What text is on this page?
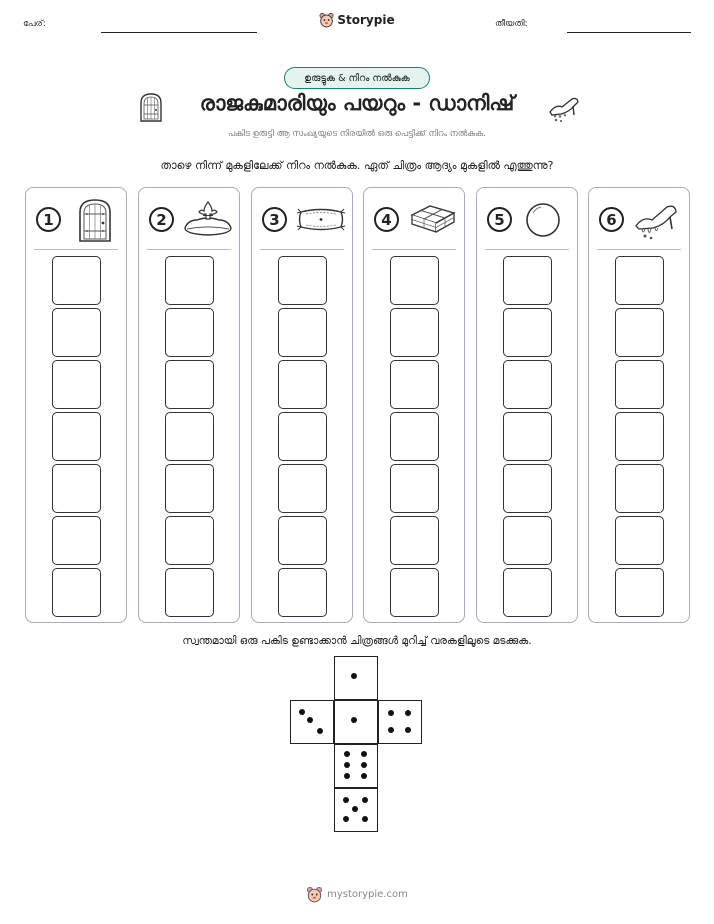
പേര്:	Storypie	തീയതി:
ഉരുട്ടുക & നിറം നൽകുക
രാജകുമാരിയും പയറും - ഡാനിഷ്
പകിട ഉരുട്ടി ആ സംഖ്യയുടെ നിരയിൽ ഒരു പെട്ടിക്ക് നിറം നൽകുക.
താഴെ നിന്ന് മുകളിലേക്ക് നിറം നൽകുക. ഏത് ചിത്രം ആദ്യം മുകളിൽ എത്തുന്നു?
1	2	3	4	5	6
സ്വന്തമായി ഒരു പകിട ഉണ്ടാക്കാൻ ചിത്രങ്ങൾ മുറിച്ച് വരകളിലൂടെ മടക്കുക.
mystorypie.com
